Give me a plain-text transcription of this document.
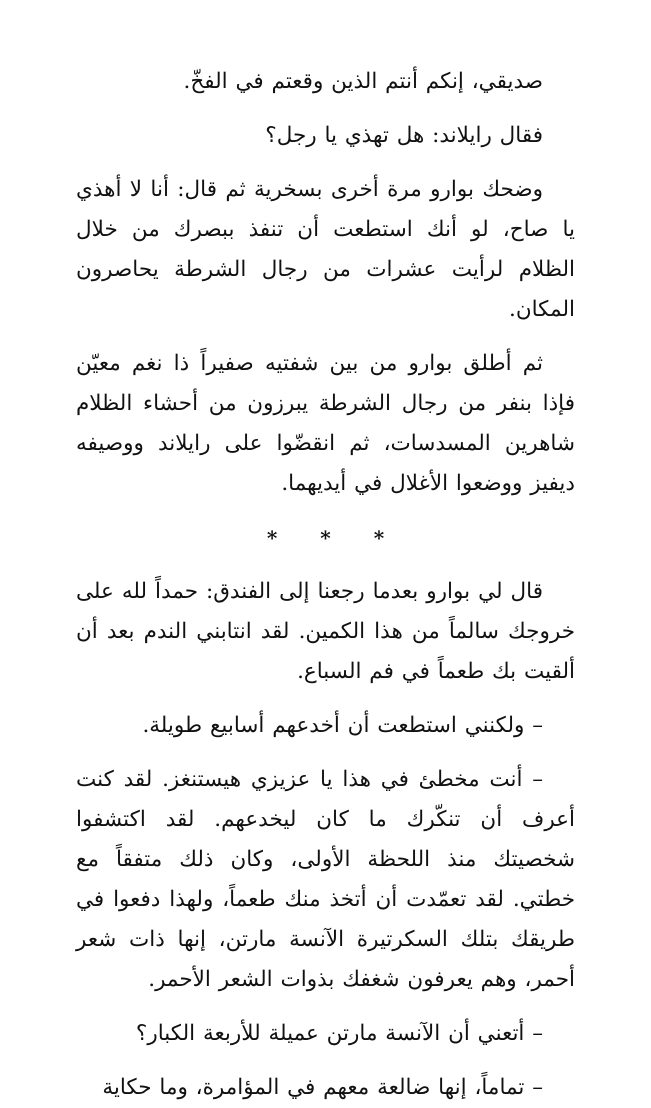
صديقي، إنكم أنتم الذين وقعتم في الفخّ.

فقال رايلاند: هل تهذي يا رجل؟

وضحك بوارو مرة أخرى بسخرية ثم قال: أنا لا أهذي يا صاح، لو أنك استطعت أن تنفذ ببصرك من خلال الظلام لرأيت عشرات من رجال الشرطة يحاصرون المكان.

ثم أطلق بوارو من بين شفتيه صفيراً ذا نغم معيّن فإذا بنفر من رجال الشرطة يبرزون من أحشاء الظلام شاهرين المسدسات، ثم انقضّوا على رايلاند ووصيفه ديفيز ووضعوا الأغلال في أيديهما.

* * *

قال لي بوارو بعدما رجعنا إلى الفندق: حمداً لله على خروجك سالماً من هذا الكمين. لقد انتابني الندم بعد أن ألقيت بك طعماً في فم السباع.

– ولكنني استطعت أن أخدعهم أسابيع طويلة.

– أنت مخطئ في هذا يا عزيزي هيستنغز. لقد كنت أعرف أن تنكّرك ما كان ليخدعهم. لقد اكتشفوا شخصيتك منذ اللحظة الأولى، وكان ذلك متفقاً مع خطتي. لقد تعمّدت أن أتخذ منك طعماً، ولهذا دفعوا في طريقك بتلك السكرتيرة الآنسة مارتن، إنها ذات شعر أحمر، وهم يعرفون شغفك بذوات الشعر الأحمر.

– أتعني أن الآنسة مارتن عميلة للأربعة الكبار؟

– تماماً، إنها ضالعة معهم في المؤامرة، وما حكاية
